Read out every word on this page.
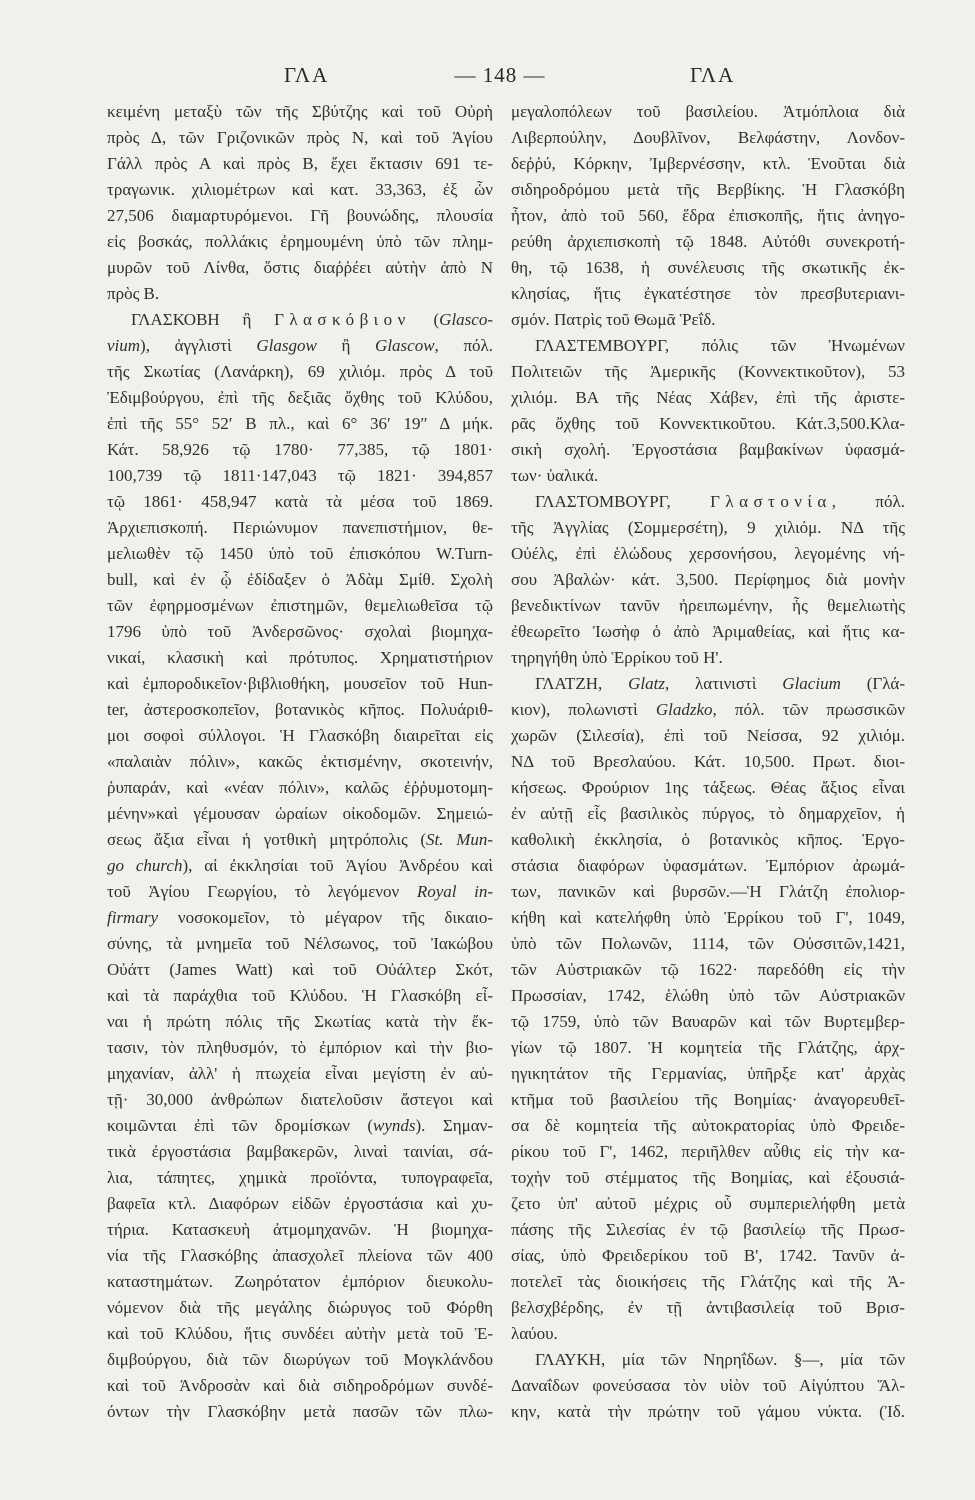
ΓΛΑ	— 148 —	ΓΛΑ
κειμένη μεταξὺ τῶν τῆς Σβύτζης καὶ τοῦ Οὐρὴ
πρὸς Δ, τῶν Γριζονικῶν πρὸς Ν, καὶ τοῦ Ἁγίου
Γάλλ πρὸς Α καὶ πρὸς Β, ἔχει ἔκτασιν 691 τε-
τραγωνικ. χιλιομέτρων καὶ κατ. 33,363, ἐξ ὧν
27,506 διαμαρτυρόμενοι. Γῆ βουνώδης, πλουσία
εἰς βοσκάς, πολλάκις ἐρημουμένη ὑπὸ τῶν πλημ-
μυρῶν τοῦ Λίνθα, ὅστις διαῤῥέει αὐτὴν ἀπὸ Ν
πρὸς Β.
ΓΛΑΣΚΟΒΗ ἢ Γλασκόβιον (Glasco-
vium), ἀγγλιστὶ Glasgow ἢ Glascow, πόλ.
τῆς Σκωτίας (Λανάρκη), 69 χιλιόμ. πρὸς Δ τοῦ
Ἐδιμβούργου, ἐπὶ τῆς δεξιᾶς ὄχθης τοῦ Κλύδου,
ἐπὶ τῆς 55° 52′ Β πλ., καὶ 6° 36′ 19″ Δ μήκ.
Κάτ. 58,926 τῷ 1780· 77,385, τῷ 1801·
100,739 τῷ 1811·147,043 τῷ 1821· 394,857
τῷ 1861· 458,947 κατὰ τὰ μέσα τοῦ 1869.
Ἀρχιεπισκοπή. Περιώνυμον πανεπιστήμιον, θε-
μελιωθὲν τῷ 1450 ὑπὸ τοῦ ἐπισκόπου W.Turn-
bull, καὶ ἐν ᾧ ἐδίδαξεν ὁ Ἀδὰμ Σμίθ. Σχολὴ
τῶν ἐφηρμοσμένων ἐπιστημῶν, θεμελιωθεῖσα τῷ
1796 ὑπὸ τοῦ Ἀνδερσῶνος· σχολαὶ βιομηχα-
νικαί, κλασικὴ καὶ πρότυπος. Χρηματιστήριον
καὶ ἐμποροδικεῖον·βιβλιοθήκη, μουσεῖον τοῦ Hun-
ter, ἀστεροσκοπεῖον, βοτανικὸς κῆπος. Πολυάριθ-
μοι σοφοὶ σύλλογοι. Ἡ Γλασκόβη διαιρεῖται εἰς
«παλαιὰν πόλιν», κακῶς ἐκτισμένην, σκοτεινήν,
ῥυπαράν, καὶ «νέαν πόλιν», καλῶς ἐῤῥυμοτομη-
μένην»καὶ γέμουσαν ὡραίων οἰκοδομῶν. Σημειώ-
σεως ἄξια εἶναι ἡ γοτθικὴ μητρόπολις (St. Mun-
go church), αἱ ἐκκλησίαι τοῦ Ἁγίου Ἀνδρέου καὶ
τοῦ Ἁγίου Γεωργίου, τὸ λεγόμενον Royal in-
firmary νοσοκομεῖον, τὸ μέγαρον τῆς δικαιο-
σύνης, τὰ μνημεῖα τοῦ Νέλσωνος, τοῦ Ἰακώβου
Οὐάττ (James Watt) καὶ τοῦ Οὐάλτερ Σκότ,
καὶ τὰ παράχθια τοῦ Κλύδου. Ἡ Γλασκόβη εἶ-
ναι ἡ πρώτη πόλις τῆς Σκωτίας κατὰ τὴν ἔκ-
τασιν, τὸν πληθυσμόν, τὸ ἐμπόριον καὶ τὴν βιο-
μηχανίαν, ἀλλ' ἡ πτωχεία εἶναι μεγίστη ἐν αὐ-
τῇ· 30,000 ἀνθρώπων διατελοῦσιν ἄστεγοι καὶ
κοιμῶνται ἐπὶ τῶν δρομίσκων (wynds). Σημαν-
τικὰ ἐργοστάσια βαμβακερῶν, λιναὶ ταινίαι, σά-
λια, τάπητες, χημικὰ προϊόντα, τυπογραφεῖα,
βαφεῖα κτλ. Διαφόρων εἰδῶν ἐργοστάσια καὶ χυ-
τήρια. Κατασκευὴ ἀτμομηχανῶν. Ἡ βιομηχα-
νία τῆς Γλασκόβης ἀπασχολεῖ πλείονα τῶν 400
καταστημάτων. Ζωηρότατον ἐμπόριον διευκολυ-
νόμενον διὰ τῆς μεγάλης διώρυγος τοῦ Φόρθη
καὶ τοῦ Κλύδου, ἥτις συνδέει αὐτὴν μετὰ τοῦ Ἐ-
διμβούργου, διὰ τῶν διωρύγων τοῦ Μογκλάνδου
καὶ τοῦ Ἀνδροσὰν καὶ διὰ σιδηροδρόμων συνδέ-
όντων τὴν Γλασκόβην μετὰ πασῶν τῶν πλω-
μεγαλοπόλεων τοῦ βασιλείου. Ἀτμόπλοια διὰ
Λιβερπούλην, Δουβλῖνον, Βελφάστην, Λονδον-
δεῤῥύ, Κόρκην, Ἰμβερνέσσην, κτλ. Ἑνοῦται διὰ
σιδηροδρόμου μετὰ τῆς Βερβίκης. Ἡ Γλασκόβη
ἦτον, ἀπὸ τοῦ 560, ἕδρα ἐπισκοπῆς, ἥτις ἀνηγο-
ρεύθη ἀρχιεπισκοπὴ τῷ 1848. Αὐτόθι συνεκροτή-
θη, τῷ 1638, ἡ συνέλευσις τῆς σκωτικῆς ἐκ-
κλησίας, ἥτις ἐγκατέστησε τὸν πρεσβυτεριανι-
σμόν. Πατρὶς τοῦ Θωμᾶ Ῥεΐδ.
ΓΛΑΣΤΕΜΒΟΥΡΓ, πόλις τῶν Ἡνωμένων
Πολιτειῶν τῆς Ἀμερικῆς (Κοννεκτικοῦτον), 53
χιλιόμ. ΒΑ τῆς Νέας Χάβεν, ἐπὶ τῆς ἀριστε-
ρᾶς ὄχθης τοῦ Κοννεκτικοῦτου. Κάτ.3,500.Κλα-
σικὴ σχολή. Ἐργοστάσια βαμβακίνων ὑφασμά-
των· ὑαλικά.
ΓΛΑΣΤΟΜΒΟΥΡΓ, Γλαστονία, πόλ.
τῆς Ἀγγλίας (Σομμερσέτη), 9 χιλιόμ. ΝΔ τῆς
Οὐέλς, ἐπὶ ἑλώδους χερσονήσου, λεγομένης νή-
σου Ἀβαλὼν· κάτ. 3,500. Περίφημος διὰ μονὴν
βενεδικτίνων τανῦν ἠρειπωμένην, ἧς θεμελιωτὴς
ἐθεωρεῖτο Ἰωσὴφ ὁ ἀπὸ Ἀριμαθείας, καὶ ἥτις κα-
τηρηγήθη ὑπὸ Ἑρρίκου τοῦ Η'.
ΓΛΑΤΖΗ, Glatz, λατινιστὶ Glacium (Γλά-
κιον), πολωνιστὶ Gladzko, πόλ. τῶν πρωσσικῶν
χωρῶν (Σιλεσία), ἐπὶ τοῦ Νείσσα, 92 χιλιόμ.
ΝΔ τοῦ Βρεσλαύου. Κάτ. 10,500. Πρωτ. διοι-
κήσεως. Φρούριον 1ης τάξεως. Θέας ἄξιος εἶναι
ἐν αὐτῇ εἷς βασιλικὸς πύργος, τὸ δημαρχεῖον, ἡ
καθολικὴ ἐκκλησία, ὁ βοτανικὸς κῆπος. Ἐργο-
στάσια διαφόρων ὑφασμάτων. Ἐμπόριον ἀρωμά-
των, πανικῶν καὶ βυρσῶν.—Ἡ Γλάτζη ἐπολιορ-
κήθη καὶ κατελήφθη ὑπὸ Ἑρρίκου τοῦ Γ', 1049,
ὑπὸ τῶν Πολωνῶν, 1114, τῶν Οὐσσιτῶν,1421,
τῶν Αὐστριακῶν τῷ 1622· παρεδόθη εἰς τὴν
Πρωσσίαν, 1742, ἑλώθη ὑπὸ τῶν Αὐστριακῶν
τῷ 1759, ὑπὸ τῶν Βαυαρῶν καὶ τῶν Βυρτεμβερ-
γίων τῷ 1807. Ἡ κομητεία τῆς Γλάτζης, ἀρχ-
ηγικητάτον τῆς Γερμανίας, ὑπῆρξε κατ' ἀρχὰς
κτῆμα τοῦ βασιλείου τῆς Βοημίας· ἀναγορευθεῖ-
σα δὲ κομητεία τῆς αὐτοκρατορίας ὑπὸ Φρειδε-
ρίκου τοῦ Γ', 1462, περιῆλθεν αὖθις εἰς τὴν κα-
τοχὴν τοῦ στέμματος τῆς Βοημίας, καὶ ἐξουσιά-
ζετο ὑπ' αὐτοῦ μέχρις οὗ συμπεριελήφθη μετὰ
πάσης τῆς Σιλεσίας ἐν τῷ βασιλείῳ τῆς Πρωσ-
σίας, ὑπὸ Φρειδερίκου τοῦ Β', 1742. Τανῦν ἀ-
ποτελεῖ τὰς διοικήσεις τῆς Γλάτζης καὶ τῆς Ἀ-
βελσχβέρδης, ἐν τῇ ἀντιβασιλείᾳ τοῦ Βρισ-
λαύου.
ΓΛΑΥΚΗ, μία τῶν Νηρηΐδων. §—, μία τῶν
Δαναΐδων φονεύσασα τὸν υἱὸν τοῦ Αἰγύπτου Ἅλ-
κην, κατὰ τὴν πρώτην τοῦ γάμου νύκτα. (Ἰδ.
